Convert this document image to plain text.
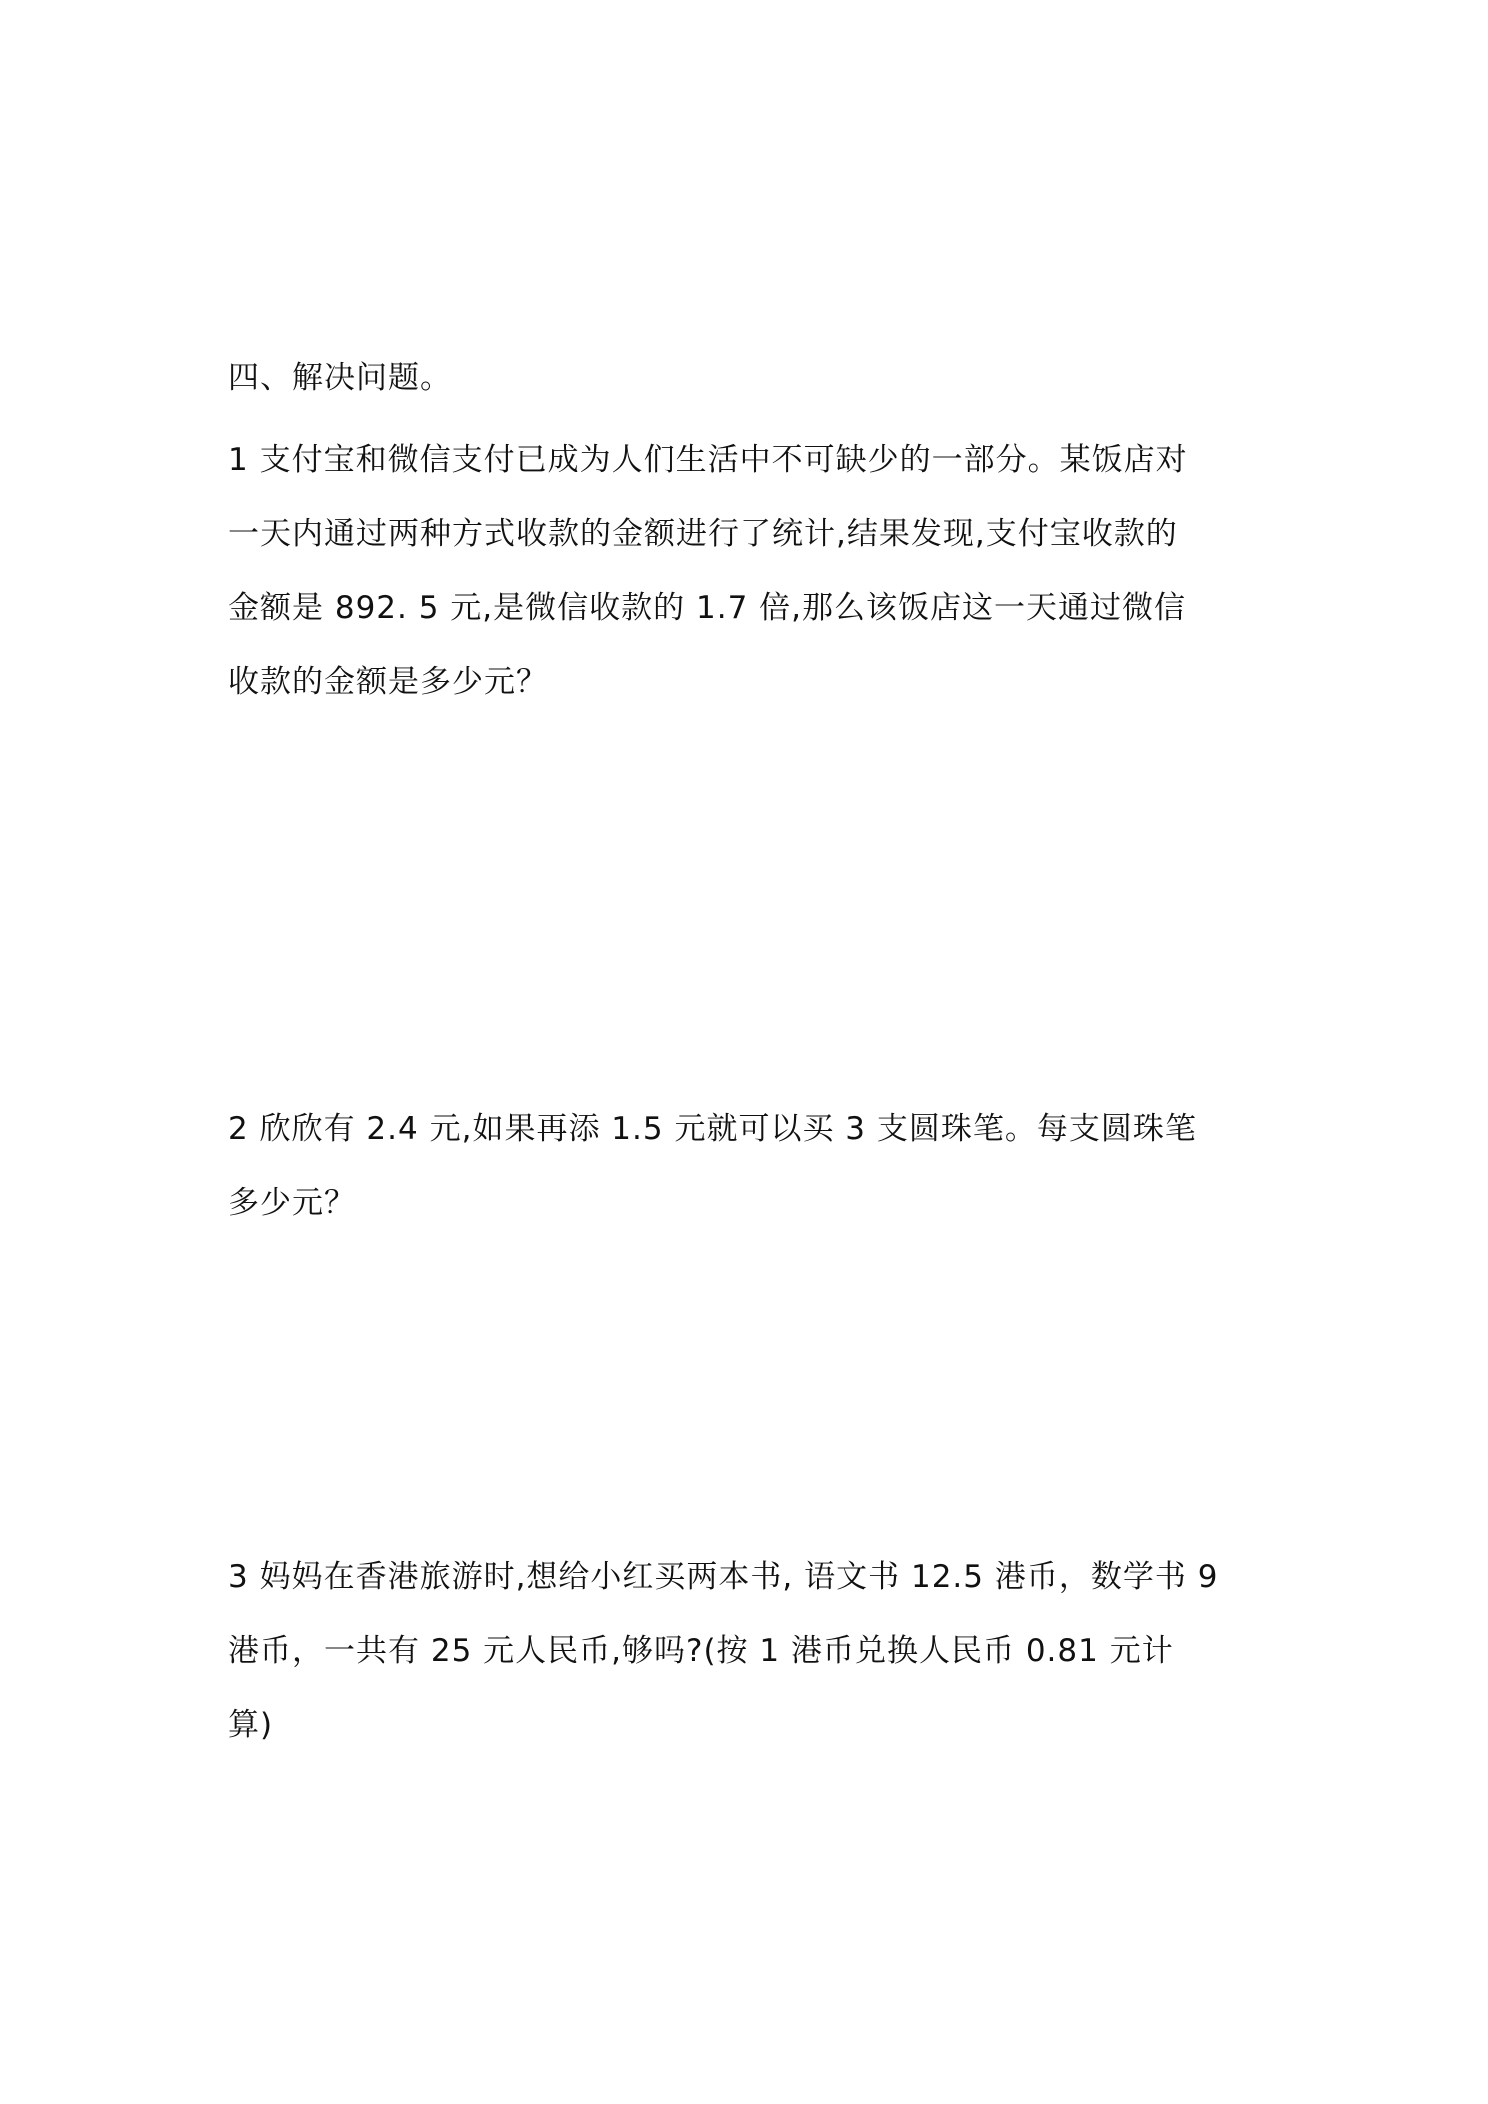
四、解决问题。
1 支付宝和微信支付已成为人们生活中不可缺少的一部分。某饭店对
一天内通过两种方式收款的金额进行了统计,结果发现,支付宝收款的
金额是 892. 5 元,是微信收款的 1.7 倍,那么该饭店这一天通过微信
收款的金额是多少元？
2 欣欣有 2.4 元,如果再添 1.5 元就可以买 3 支圆珠笔。每支圆珠笔
多少元？
3 妈妈在香港旅游时,想给小红买两本书, 语文书 12.5 港币，数学书 9
港币，一共有 25 元人民币,够吗?(按 1 港币兑换人民币 0.81 元计
算)
